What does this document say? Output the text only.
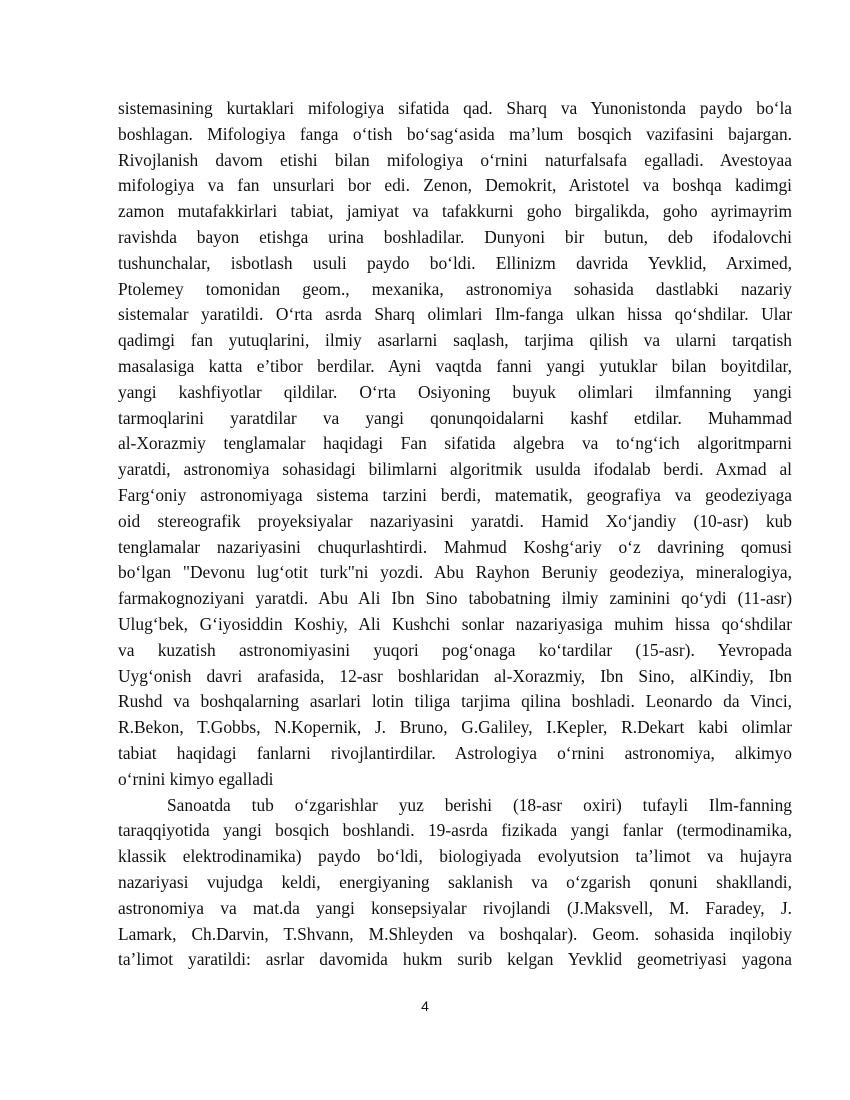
sistemasining kurtaklari mifologiya sifatida qad. Sharq va Yunonistonda paydo bo‘la
boshlagan. Mifologiya fanga o‘tish bo‘sag‘asida ma’lum bosqich vazifasini bajargan.
Rivojlanish davom etishi bilan mifologiya o‘rnini naturfalsafa egalladi. Avestoyaa
mifologiya va fan unsurlari bor edi. Zenon, Demokrit, Aristotel va boshqa kadimgi
zamon mutafakkirlari tabiat, jamiyat va tafakkurni goho birgalikda, goho ayrimayrim
ravishda bayon etishga urina boshladilar. Dunyoni bir butun, deb ifodalovchi
tushunchalar, isbotlash usuli paydo bo‘ldi. Ellinizm davrida Yevklid, Arximed,
Ptolemey tomonidan geom., mexanika, astronomiya sohasida dastlabki nazariy
sistemalar yaratildi. O‘rta asrda Sharq olimlari Ilm-fanga ulkan hissa qo‘shdilar. Ular
qadimgi fan yutuqlarini, ilmiy asarlarni saqlash, tarjima qilish va ularni tarqatish
masalasiga katta e’tibor berdilar. Ayni vaqtda fanni yangi yutuklar bilan boyitdilar,
yangi kashfiyotlar qildilar. O‘rta Osiyoning buyuk olimlari ilmfanning yangi
tarmoqlarini yaratdilar va yangi qonunqoidalarni kashf etdilar. Muhammad
al-Xorazmiy tenglamalar haqidagi Fan sifatida algebra va to‘ng‘ich algoritmparni
yaratdi, astronomiya sohasidagi bilimlarni algoritmik usulda ifodalab berdi. Axmad al
Farg‘oniy astronomiyaga sistema tarzini berdi, matematik, geografiya va geodeziyaga
oid stereografik proyeksiyalar nazariyasini yaratdi. Hamid Xo‘jandiy (10-asr) kub
tenglamalar nazariyasini chuqurlashtirdi. Mahmud Koshg‘ariy o‘z davrining qomusi
bo‘lgan "Devonu lug‘otit turk"ni yozdi. Abu Rayhon Beruniy geodeziya, mineralogiya,
farmakognoziyani yaratdi. Abu Ali Ibn Sino tabobatning ilmiy zaminini qo‘ydi (11-asr)
Ulug‘bek, G‘iyosiddin Koshiy, Ali Kushchi sonlar nazariyasiga muhim hissa qo‘shdilar
va kuzatish astronomiyasini yuqori pog‘onaga ko‘tardilar (15-asr). Yevropada
Uyg‘onish davri arafasida, 12-asr boshlaridan al-Xorazmiy, Ibn Sino, alKindiy, Ibn
Rushd va boshqalarning asarlari lotin tiliga tarjima qilina boshladi. Leonardo da Vinci,
R.Bekon, T.Gobbs, N.Kopernik, J. Bruno, G.Galiley, I.Kepler, R.Dekart kabi olimlar
tabiat haqidagi fanlarni rivojlantirdilar. Astrologiya o‘rnini astronomiya, alkimyo
o‘rnini kimyo egalladi
Sanoatda tub o‘zgarishlar yuz berishi (18-asr oxiri) tufayli Ilm-fanning
taraqqiyotida yangi bosqich boshlandi. 19-asrda fizikada yangi fanlar (termodinamika,
klassik elektrodinamika) paydo bo‘ldi, biologiyada evolyutsion ta’limot va hujayra
nazariyasi vujudga keldi, energiyaning saklanish va o‘zgarish qonuni shakllandi,
astronomiya va mat.da yangi konsepsiyalar rivojlandi (J.Maksvell, M. Faradey, J.
Lamark, Ch.Darvin, T.Shvann, M.Shleyden va boshqalar). Geom. sohasida inqilobiy
ta’limot yaratildi: asrlar davomida hukm surib kelgan Yevklid geometriyasi yagona
4
